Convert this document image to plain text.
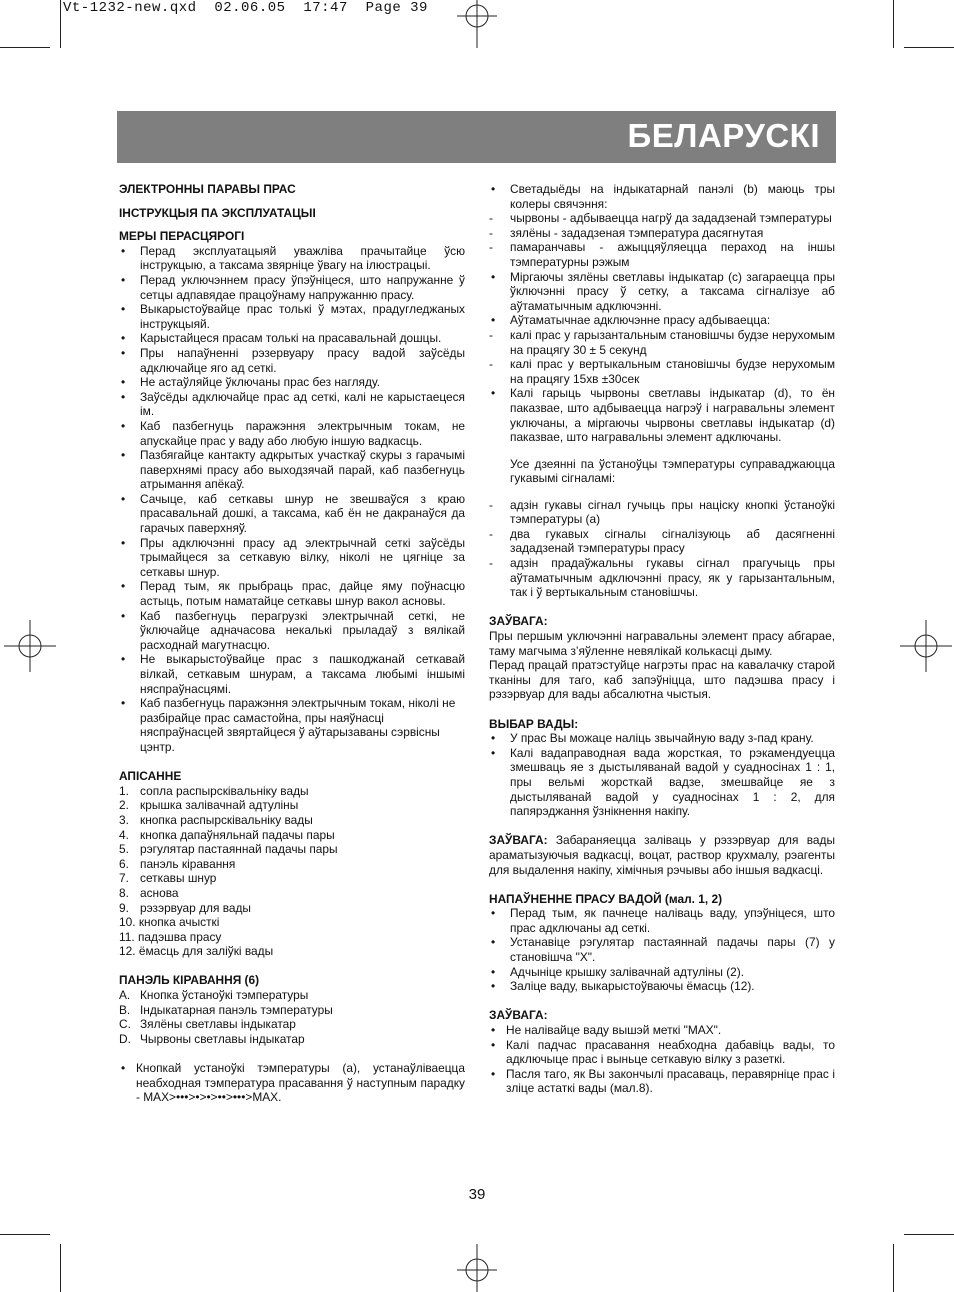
Vt-1232-new.qxd  02.06.05  17:47  Page 39
БЕЛАРУСКІ

ЭЛЕКТРОННЫ ПАРАВЫ ПРАС

ІНСТРУКЦЫЯ ПА ЭКСПЛУАТАЦЫІ

МЕРЫ ПЕРАСЦЯРОГІ

•	Перад эксплуатацыяй уважліва прачытайце ўсю інструкцыю, а таксама звярніце ўвагу на ілюстрацыі.
•	Перад уключэннем прасу ўпэўніцеся, што напружанне ў сетцы адпавядае працоўнаму напружанню прасу.
•	Выкарыстоўвайце прас толькі ў мэтах, прадугледжаных інструкцыяй.
•	Карыстайцеся прасам толькі на прасавальнай дошцы.
•	Пры напаўненні рэзервуару прасу вадой заўсёды адключайце яго ад сеткі.
•	Не астаўляйце ўключаны прас без нагляду.
•	Заўсёды адключайце прас ад сеткі, калі не карыстаецеся ім.
•	Каб пазбегнуць паражэння электрычным токам, не апускайце прас у ваду або любую іншую вадкасць.
•	Пазбягайце кантакту адкрытых участкаў скуры з гарачымі паверхнямі прасу або выходзячай парай, каб пазбегнуць атрымання апёкаў.
•	Сачыце, каб сеткавы шнур не звешваўся з краю прасавальнай дошкі, а таксама, каб ён не дакранаўся да гарачых паверхняў.
•	Пры адключэнні прасу ад электрычнай сеткі заўсёды трымайцеся за сеткавую вілку, ніколі не цягніце за сеткавы шнур.
•	Перад тым, як прыбраць прас, дайце яму поўнасцю астыць, потым наматайце сеткавы шнур вакол асновы.
•	Каб пазбегнуць перагрузкі электрычнай сеткі, не ўключайце адначасова некалькі прыладаў з вялікай расходнай магутнасцю.
•	Не выкарыстоўвайце прас з пашкоджанай сеткавай вілкай, сеткавым шнурам, а таксама любымі іншымі няспраўнасцямі.
•	Каб пазбегнуць паражэння электрычным токам, ніколі не разбірайце прас самастойна, пры наяўнасці няспраўнасцей звяртайцеся ў аўтарызаваны сэрвісны цэнтр.

АПІСАННЕ

1. сопла распырсківальніку вады
2. крышка залівачнай адтуліны
3. кнопка распырсківальніку вады
4. кнопка дапаўняльнай падачы пары
5. рэгулятар пастаяннай падачы пары
6. панэль кіравання
7. сеткавы шнур
8. аснова
9. рэзэрвуар для вады
10. кнопка ачысткі
11. падэшва прасу
12. ёмасць для заліўкі вады

ПАНЭЛЬ КІРАВАННЯ (6)

A. Кнопка ўстаноўкі тэмпературы
B. Індыкатарная панэль тэмпературы
C. Зялёны светлавы індыкатар
D. Чырвоны светлавы індыкатар
• Кнопкай устаноўкі тэмпературы (а), устанаўліваецца неабходная тэмпература прасавання ў наступным парадку - MAX>•••>•>•>••>•••>MAX.
•	Светадыёды на індыкатарнай панэлі (b) маюць тры колеры свячэння:
-	чырвоны - адбываецца нагрў да зададзенай тэмпературы
-	зялёны - зададзеная тэмпература дасягнутая
-	памаранчавы - ажыццяўляецца пераход на іншы тэмпературны рэжым
•	Міргаючы зялёны светлавы індыкатар (с) загараецца пры ўключэнні прасу ў сетку, а таксама сігналізуе аб аўтаматычным адключэнні.
•	Аўтаматычнае адключэнне прасу адбываецца:
-	калі прас у гарызантальным становішчы будзе нерухомым на працягу 30 ± 5 секунд
-	калі прас у вертыкальным становішчы будзе нерухомым на працягу 15хв ±30сек
•	Калі гарыць чырвоны светлавы індыкатар (d), то ён паказвае, што адбываецца нагрэў і награвальны элемент уключаны, а міргаючы чырвоны светлавы індыкатар (d) паказвае, што награвальны элемент адключаны.

Усе дзеянні па ўстаноўцы тэмпературы суправаджаюцца гукавымі сігналамі:

-	адзін гукавы сігнал гучыць пры націску кнопкі ўстаноўкі тэмпературы (а)
-	два гукавых сігналы сігналізуюць аб дасягненні зададзенай тэмпературы прасу
-	адзін прадаўжальны гукавы сігнал прагучыць пры аўтаматычным адключэнні прасу, як у гарызантальным, так і ў вертыкальным становішчы.

ЗАЎВАГА:

Пры першым уключэнні награвальны элемент прасу абгарае, таму магчыма з’яўленне невялікай колькасці дыму.

Перад працай пратэстуйце нагрэты прас на кавалачку старой тканіны для таго, каб запэўніцца, што падэшва прасу і рэзэрвуар для вады абсалютна чыстыя.

ВЫБАР ВАДЫ:

•	У прас Вы можаце наліць звычайную ваду з-пад крану.
•	Калі вадаправодная вада жорсткая, то рэкамендуецца змешваць яе з дыстыляванай вадой у суадносінах 1 : 1, пры вельмі жорсткай вадзе, змешвайце яе з дыстыляванай вадой у суадносінах 1 : 2, для папярэджання ўзнікнення накіпу.

ЗАЎВАГА: Забараняецца заліваць у рэзэрвуар для вады араматызуючыя вадкасці, воцат, раствор крухмалу, рэагенты для выдалення накіпу, хімічныя рэчывы або іншыя вадкасці.

НАПАЎНЕННЕ ПРАСУ ВАДОЙ (мал. 1, 2)

•	Перад тым, як пачнеце наліваць ваду, упэўніцеся, што прас адключаны ад сеткі.
•	Устанавіце рэгулятар пастаяннай падачы пары (7) у становішча "Х".
•	Адчыніце крышку залівачнай адтуліны (2).
•	Заліце ваду, выкарыстоўваючы ёмасць (12).

ЗАЎВАГА:

• Не налівайце ваду вышэй меткі "MAX".
• Калі падчас прасавання неабходна дабавіць вады, то адключыце прас і выньце сеткавую вілку з разеткі.
• Пасля таго, як Вы закончылі прасаваць, перавярніце прас і зліце астаткі вады (мал.8).
39
